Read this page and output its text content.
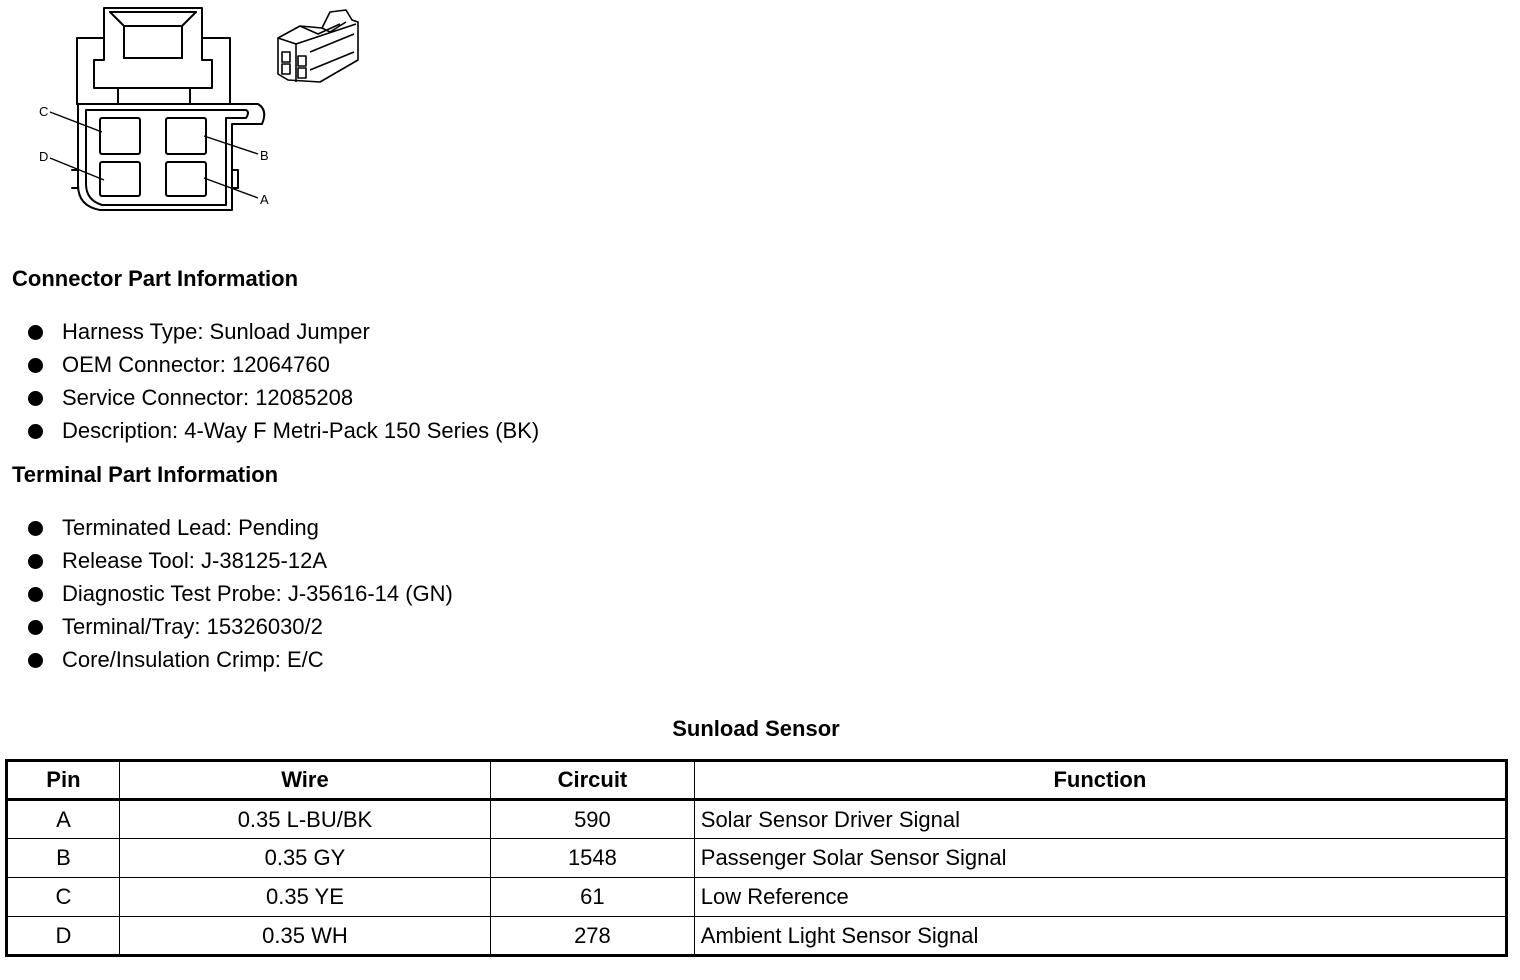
C
D	B
A
Connector Part Information
Harness Type: Sunload Jumper
OEM Connector: 12064760
Service Connector: 12085208
Description: 4-Way F Metri-Pack 150 Series (BK)
Terminal Part Information
Terminated Lead: Pending
Release Tool: J-38125-12A
Diagnostic Test Probe: J-35616-14 (GN)
Terminal/Tray: 15326030/2
Core/Insulation Crimp: E/C
Sunload Sensor
Pin	Wire	Circuit	Function
A	0.35 L-BU/BK	590	Solar Sensor Driver Signal
B	0.35 GY	1548	Passenger Solar Sensor Signal
C	0.35 YE	61	Low Reference
D	0.35 WH	278	Ambient Light Sensor Signal
